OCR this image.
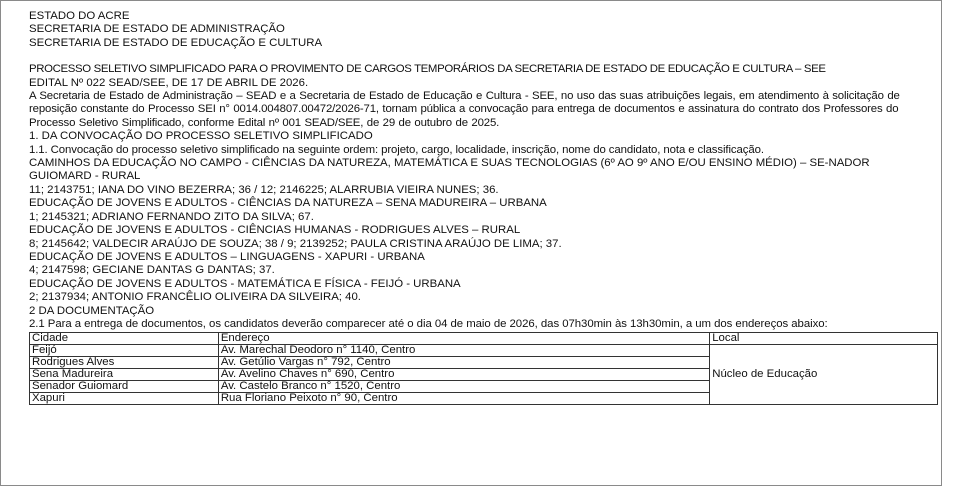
ESTADO DO ACRE
SECRETARIA DE ESTADO DE ADMINISTRAÇÃO
SECRETARIA DE ESTADO DE EDUCAÇÃO E CULTURA
PROCESSO SELETIVO SIMPLIFICADO PARA O PROVIMENTO DE CARGOS TEMPORÁRIOS DA SECRETARIA DE ESTADO DE EDUCAÇÃO E CULTURA – SEE
EDITAL Nº 022 SEAD/SEE, DE 17 DE ABRIL DE 2026.
A Secretaria de Estado de Administração – SEAD e a Secretaria de Estado de Educação e Cultura - SEE, no uso das suas atribuições legais, em atendimento à solicitação de reposição constante do Processo SEI n° 0014.004807.00472/2026-71, tornam pública a convocação para entrega de documentos e assinatura do contrato dos Professores do Processo Seletivo Simplificado, conforme Edital nº 001 SEAD/SEE, de 29 de outubro de 2025.
1. DA CONVOCAÇÃO DO PROCESSO SELETIVO SIMPLIFICADO
1.1. Convocação do processo seletivo simplificado na seguinte ordem: projeto, cargo, localidade, inscrição, nome do candidato, nota e classificação.
CAMINHOS DA EDUCAÇÃO NO CAMPO - CIÊNCIAS DA NATUREZA, MATEMÁTICA E SUAS TECNOLOGIAS (6º AO 9º ANO E/OU ENSINO MÉDIO) – SE-NADOR GUIOMARD - RURAL
11; 2143751; IANA DO VINO BEZERRA; 36 / 12; 2146225; ALARRUBIA VIEIRA NUNES; 36.
EDUCAÇÃO DE JOVENS E ADULTOS - CIÊNCIAS DA NATUREZA – SENA MADUREIRA – URBANA
1; 2145321; ADRIANO FERNANDO ZITO DA SILVA; 67.
EDUCAÇÃO DE JOVENS E ADULTOS - CIÊNCIAS HUMANAS - RODRIGUES ALVES – RURAL
8; 2145642; VALDECIR ARAÚJO DE SOUZA; 38 / 9; 2139252; PAULA CRISTINA ARAÚJO DE LIMA; 37.
EDUCAÇÃO DE JOVENS E ADULTOS – LINGUAGENS - XAPURI - URBANA
4; 2147598; GECIANE DANTAS G DANTAS; 37.
EDUCAÇÃO DE JOVENS E ADULTOS - MATEMÁTICA E FÍSICA - FEIJÓ - URBANA
2; 2137934; ANTONIO FRANCÊLIO OLIVEIRA DA SILVEIRA; 40.
2 DA DOCUMENTAÇÃO
2.1 Para a entrega de documentos, os candidatos deverão comparecer até o dia 04 de maio de 2026, das 07h30min às 13h30min, a um dos endereços abaixo:
Cidade	Endereço	Local
Feijó	Av. Marechal Deodoro n° 1140, Centro	Núcleo de Educação
Rodrigues Alves	Av. Getúlio Vargas n° 792, Centro	
Sena Madureira	Av. Avelino Chaves n° 690, Centro	
Senador Guiomard	Av. Castelo Branco n° 1520, Centro	
Xapuri	Rua Floriano Peixoto n° 90, Centro	
